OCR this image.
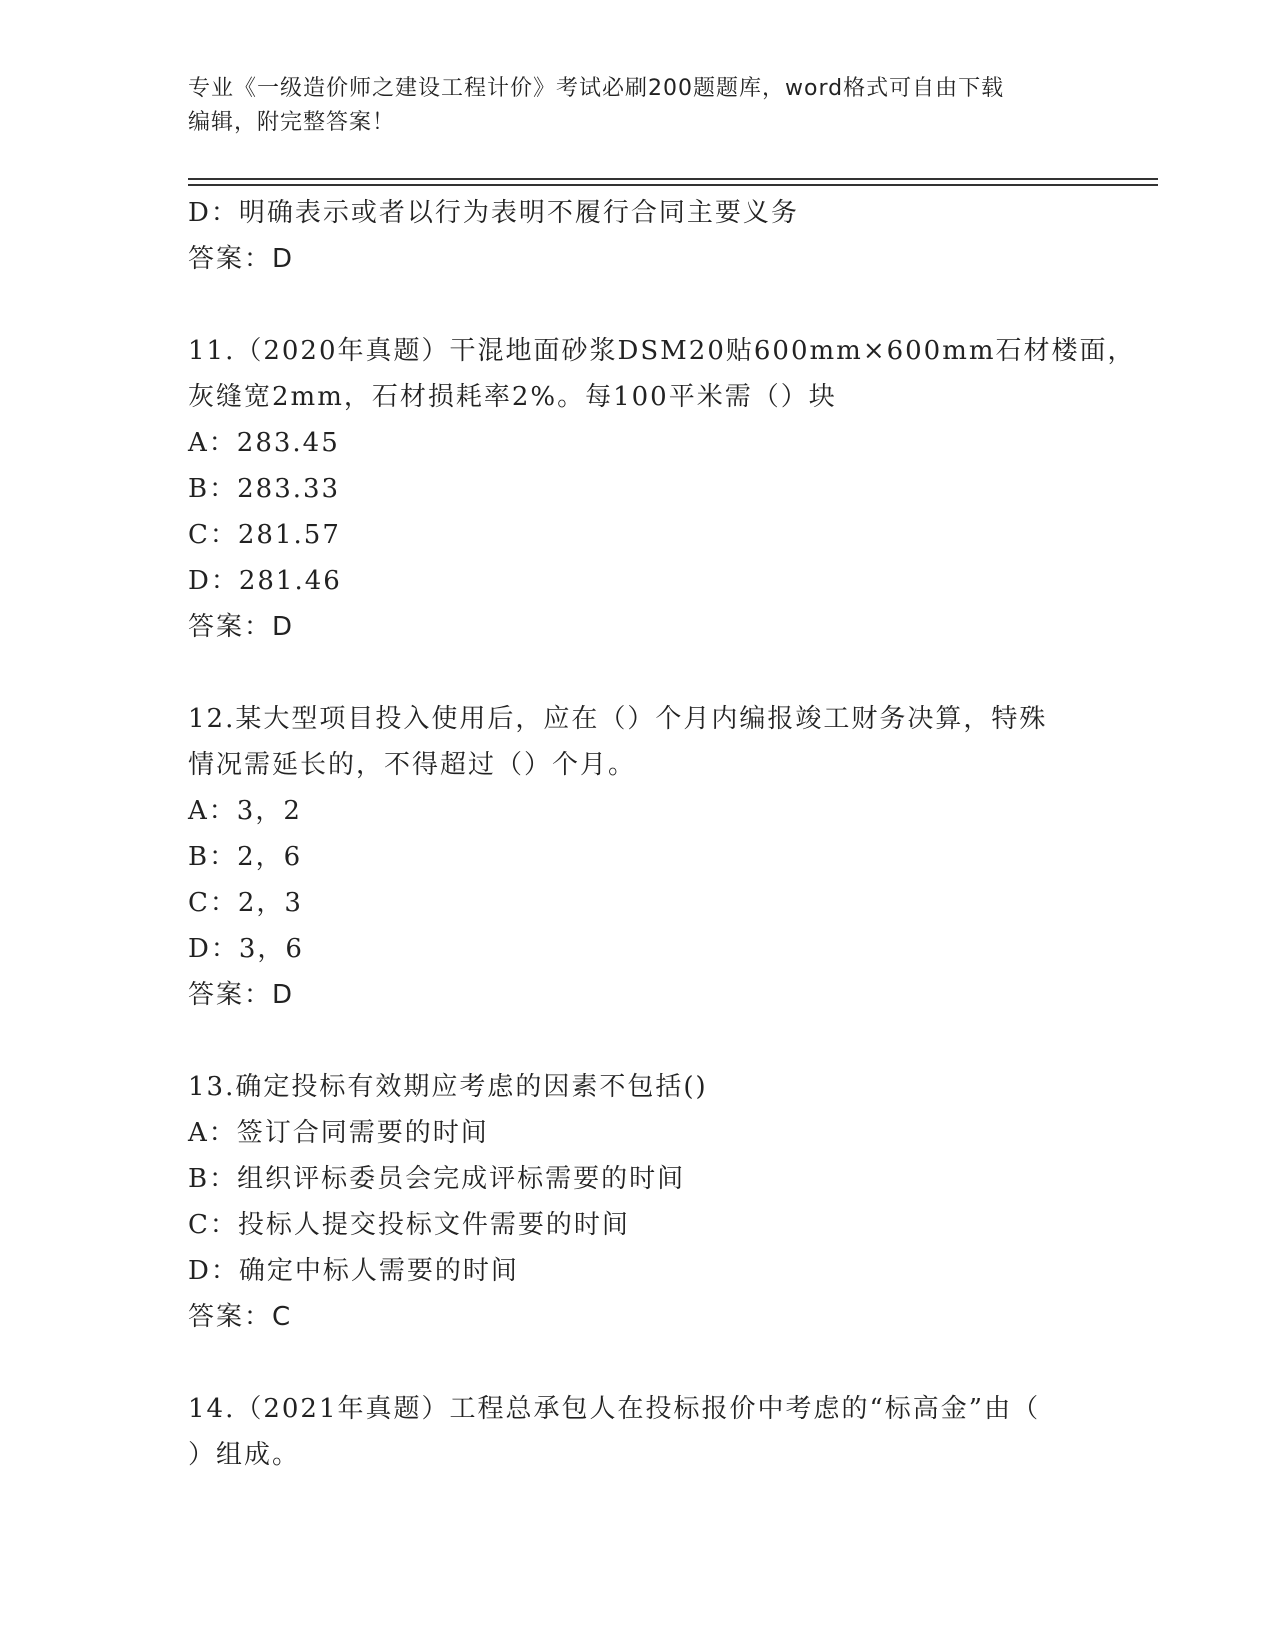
专业《一级造价师之建设工程计价》考试必刷200题题库，word格式可自由下载
编辑，附完整答案！
D：明确表示或者以行为表明不履行合同主要义务
答案：D
11.（2020年真题）干混地面砂浆DSM20贴600mm×600mm石材楼面，
灰缝宽2mm，石材损耗率2%。每100平米需（）块
A：283.45
B：283.33
C：281.57
D：281.46
答案：D
12.某大型项目投入使用后，应在（）个月内编报竣工财务决算，特殊
情况需延长的，不得超过（）个月。
A：3，2
B：2，6
C：2，3
D：3，6
答案：D
13.确定投标有效期应考虑的因素不包括()
A：签订合同需要的时间
B：组织评标委员会完成评标需要的时间
C：投标人提交投标文件需要的时间
D：确定中标人需要的时间
答案：C
14.（2021年真题）工程总承包人在投标报价中考虑的“标高金”由（
）组成。
